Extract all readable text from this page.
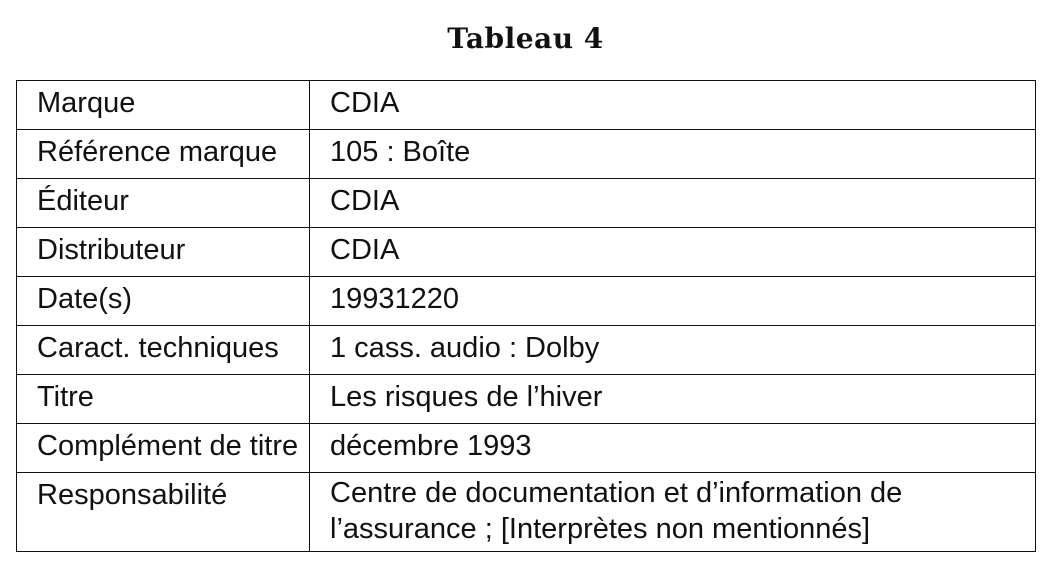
Tableau 4
Marque	CDIA
Référence marque	105 : Boîte
Éditeur	CDIA
Distributeur	CDIA
Date(s)	19931220
Caract. techniques	1 cass. audio : Dolby
Titre	Les risques de l’hiver
Complément de titre	décembre 1993
Responsabilité	Centre de documentation et d’information de l’assurance ; [Interprètes non mentionnés]
